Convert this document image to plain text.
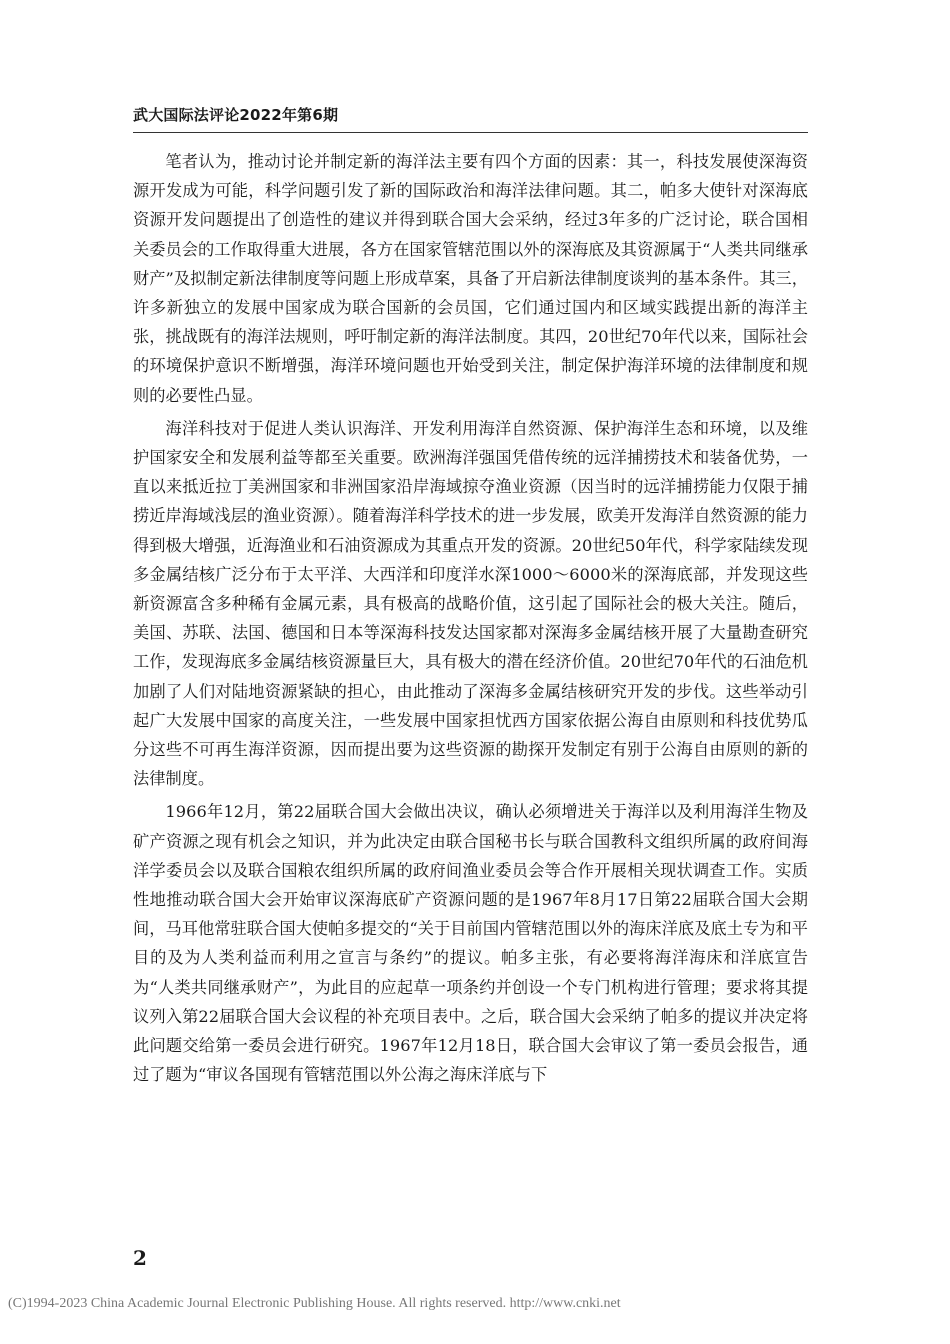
武大国际法评论2022年第6期

笔者认为，推动讨论并制定新的海洋法主要有四个方面的因素：其一，科技发展使深海资源开发成为可能，科学问题引发了新的国际政治和海洋法律问题。其二，帕多大使针对深海底资源开发问题提出了创造性的建议并得到联合国大会采纳，经过3年多的广泛讨论，联合国相关委员会的工作取得重大进展，各方在国家管辖范围以外的深海底及其资源属于“人类共同继承财产”及拟制定新法律制度等问题上形成草案，具备了开启新法律制度谈判的基本条件。其三，许多新独立的发展中国家成为联合国新的会员国，它们通过国内和区域实践提出新的海洋主张，挑战既有的海洋法规则，呼吁制定新的海洋法制度。其四，20世纪70年代以来，国际社会的环境保护意识不断增强，海洋环境问题也开始受到关注，制定保护海洋环境的法律制度和规则的必要性凸显。

海洋科技对于促进人类认识海洋、开发利用海洋自然资源、保护海洋生态和环境，以及维护国家安全和发展利益等都至关重要。欧洲海洋强国凭借传统的远洋捕捞技术和装备优势，一直以来抵近拉丁美洲国家和非洲国家沿岸海域掠夺渔业资源（因当时的远洋捕捞能力仅限于捕捞近岸海域浅层的渔业资源）。随着海洋科学技术的进一步发展，欧美开发海洋自然资源的能力得到极大增强，近海渔业和石油资源成为其重点开发的资源。20世纪50年代，科学家陆续发现多金属结核广泛分布于太平洋、大西洋和印度洋水深1000～6000米的深海底部，并发现这些新资源富含多种稀有金属元素，具有极高的战略价值，这引起了国际社会的极大关注。随后，美国、苏联、法国、德国和日本等深海科技发达国家都对深海多金属结核开展了大量勘查研究工作，发现海底多金属结核资源量巨大，具有极大的潜在经济价值。20世纪70年代的石油危机加剧了人们对陆地资源紧缺的担心，由此推动了深海多金属结核研究开发的步伐。这些举动引起广大发展中国家的高度关注，一些发展中国家担忧西方国家依据公海自由原则和科技优势瓜分这些不可再生海洋资源，因而提出要为这些资源的勘探开发制定有别于公海自由原则的新的法律制度。

1966年12月，第22届联合国大会做出决议，确认必须增进关于海洋以及利用海洋生物及矿产资源之现有机会之知识，并为此决定由联合国秘书长与联合国教科文组织所属的政府间海洋学委员会以及联合国粮农组织所属的政府间渔业委员会等合作开展相关现状调查工作。实质性地推动联合国大会开始审议深海底矿产资源问题的是1967年8月17日第22届联合国大会期间，马耳他常驻联合国大使帕多提交的“关于目前国内管辖范围以外的海床洋底及底土专为和平目的及为人类利益而利用之宣言与条约”的提议。帕多主张，有必要将海洋海床和洋底宣告为“人类共同继承财产”，为此目的应起草一项条约并创设一个专门机构进行管理；要求将其提议列入第22届联合国大会议程的补充项目表中。之后，联合国大会采纳了帕多的提议并决定将此问题交给第一委员会进行研究。1967年12月18日，联合国大会审议了第一委员会报告，通过了题为“审议各国现有管辖范围以外公海之海床洋底与下

2
(C)1994-2023 China Academic Journal Electronic Publishing House. All rights reserved. http://www.cnki.net
